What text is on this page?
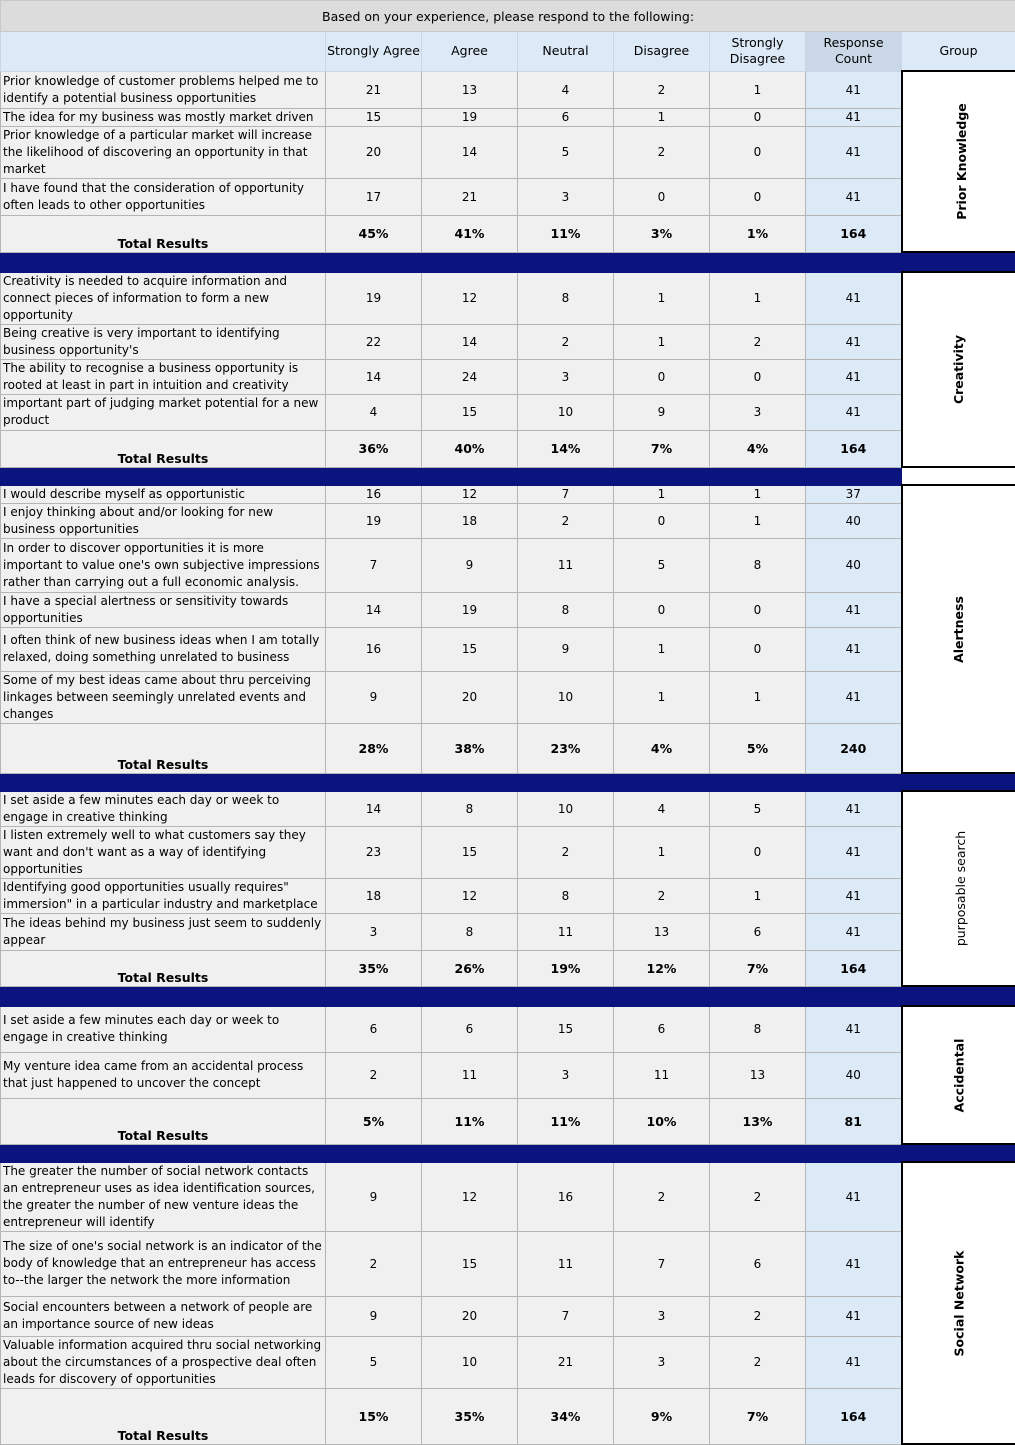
Based on your experience, please respond to the following:							
	Strongly Agree	Agree	Neutral	Disagree	Strongly Disagree	Response Count	Group
Prior knowledge of customer problems helped me to identify a potential business opportunities	21	13	4	2	1	41	Prior Knowledge
The idea for my business was mostly market driven	15	19	6	1	0	41	
Prior knowledge of a particular market will increase the likelihood of discovering an opportunity in that market	20	14	5	2	0	41	
I have found that the consideration of opportunity often leads to other opportunities	17	21	3	0	0	41	
Total Results	45%	41%	11%	3%	1%	164	

Creativity is needed to acquire information and connect pieces of information to form a new opportunity	19	12	8	1	1	41	Creativity
Being creative is very important to identifying business opportunity's	22	14	2	1	2	41	
The ability to recognise a business opportunity is rooted at least in part in intuition and creativity	14	24	3	0	0	41	
important part of judging market potential for a new product	4	15	10	9	3	41	
Total Results	36%	40%	14%	7%	4%	164	

I would describe myself as opportunistic	16	12	7	1	1	37	Alertness
I enjoy thinking about and/or looking for new business opportunities	19	18	2	0	1	40	
In order to discover opportunities it is more important to value one's own subjective impressions rather than carrying out a full economic analysis.	7	9	11	5	8	40	
I have a special alertness or sensitivity towards opportunities	14	19	8	0	0	41	
I often think of new business ideas when I am totally relaxed, doing something unrelated to business	16	15	9	1	0	41	
Some of my best ideas came about thru perceiving linkages between seemingly unrelated events and changes	9	20	10	1	1	41	
Total Results	28%	38%	23%	4%	5%	240	

I set aside a few minutes each day or week to engage in creative thinking	14	8	10	4	5	41	purposable search
I listen extremely well to what customers say they want and don't want as a way of identifying opportunities	23	15	2	1	0	41	
Identifying good opportunities usually requires" immersion" in a particular industry and marketplace	18	12	8	2	1	41	
The ideas behind my business just seem to suddenly appear	3	8	11	13	6	41	
Total Results	35%	26%	19%	12%	7%	164	

I set aside a few minutes each day or week to engage in creative thinking	6	6	15	6	8	41	Accidental
My venture idea came from an accidental process that just happened to uncover the concept	2	11	3	11	13	40	
Total Results	5%	11%	11%	10%	13%	81	

The greater the number of social network contacts an entrepreneur uses as idea identification sources, the greater the number of new venture ideas the entrepreneur will identify	9	12	16	2	2	41	Social Network
The size of one's social network is an indicator of the body of knowledge that an entrepreneur has access to--the larger the network the more information	2	15	11	7	6	41	
Social encounters between a network of people are an importance source of new ideas	9	20	7	3	2	41	
Valuable information acquired thru social networking about the circumstances of a prospective deal often leads for discovery of opportunities	5	10	21	3	2	41	
Total Results	15%	35%	34%	9%	7%	164	
